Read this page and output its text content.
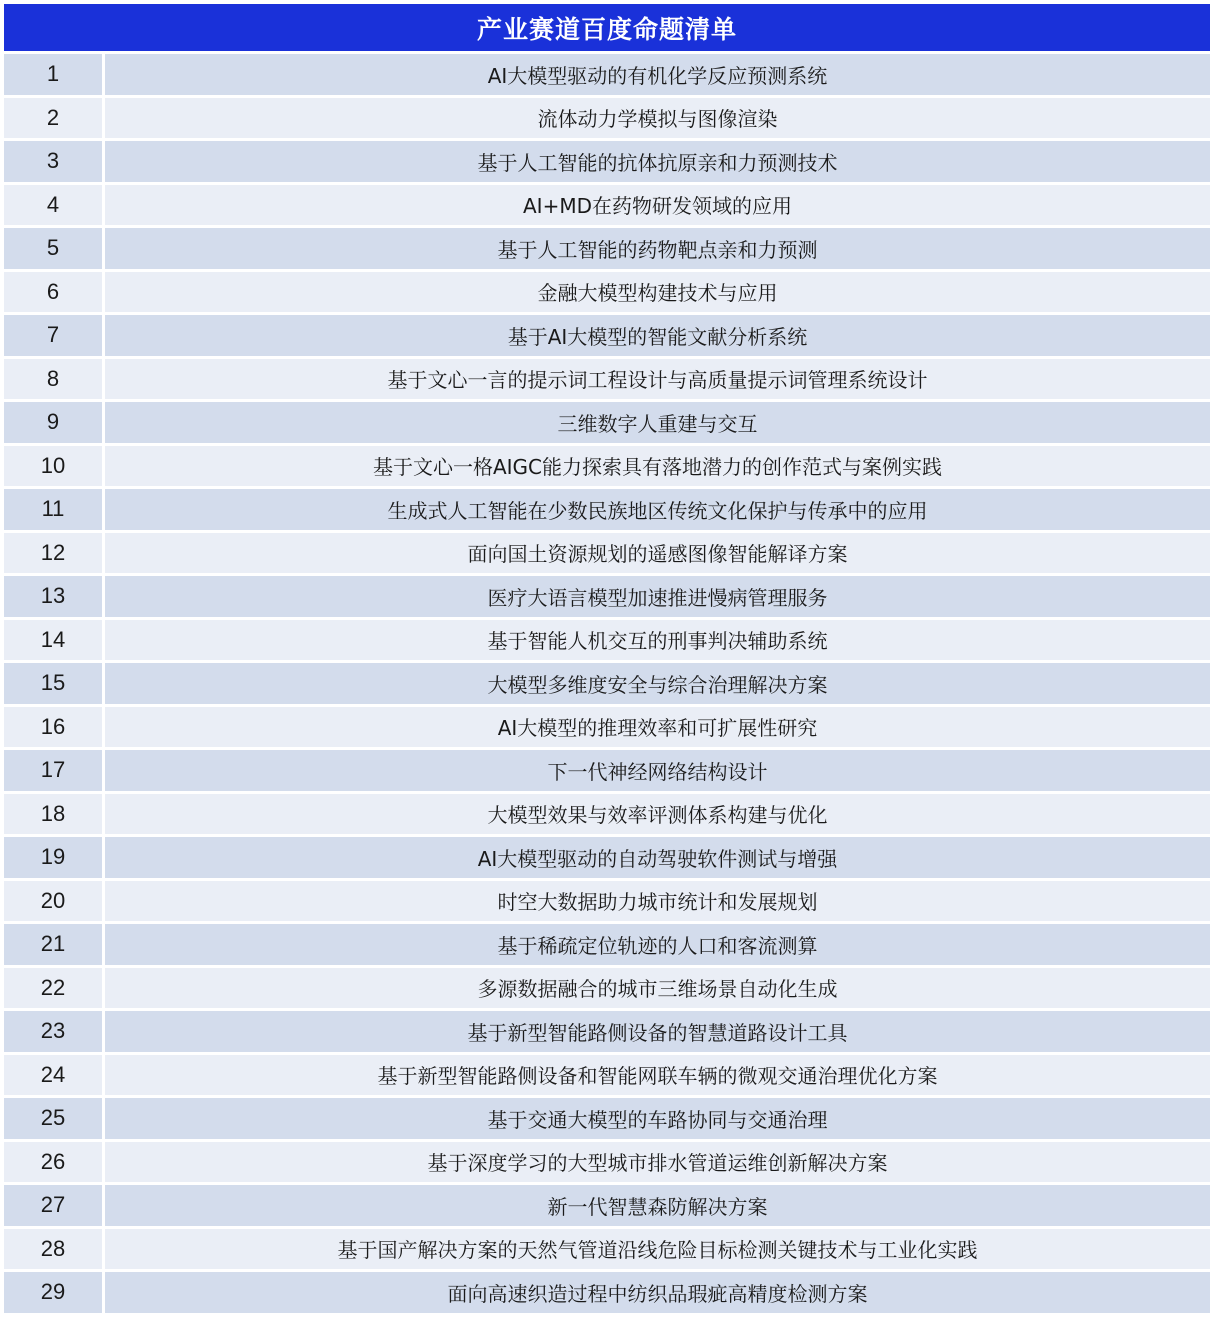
产业赛道百度命题清单
1	AI大模型驱动的有机化学反应预测系统
2	流体动力学模拟与图像渲染
3	基于人工智能的抗体抗原亲和力预测技术
4	AI+MD在药物研发领域的应用
5	基于人工智能的药物靶点亲和力预测
6	金融大模型构建技术与应用
7	基于AI大模型的智能文献分析系统
8	基于文心一言的提示词工程设计与高质量提示词管理系统设计
9	三维数字人重建与交互
10	基于文心一格AIGC能力探索具有落地潜力的创作范式与案例实践
11	生成式人工智能在少数民族地区传统文化保护与传承中的应用
12	面向国土资源规划的遥感图像智能解译方案
13	医疗大语言模型加速推进慢病管理服务
14	基于智能人机交互的刑事判决辅助系统
15	大模型多维度安全与综合治理解决方案
16	AI大模型的推理效率和可扩展性研究
17	下一代神经网络结构设计
18	大模型效果与效率评测体系构建与优化
19	AI大模型驱动的自动驾驶软件测试与增强
20	时空大数据助力城市统计和发展规划
21	基于稀疏定位轨迹的人口和客流测算
22	多源数据融合的城市三维场景自动化生成
23	基于新型智能路侧设备的智慧道路设计工具
24	基于新型智能路侧设备和智能网联车辆的微观交通治理优化方案
25	基于交通大模型的车路协同与交通治理
26	基于深度学习的大型城市排水管道运维创新解决方案
27	新一代智慧森防解决方案
28	基于国产解决方案的天然气管道沿线危险目标检测关键技术与工业化实践
29	面向高速织造过程中纺织品瑕疵高精度检测方案
